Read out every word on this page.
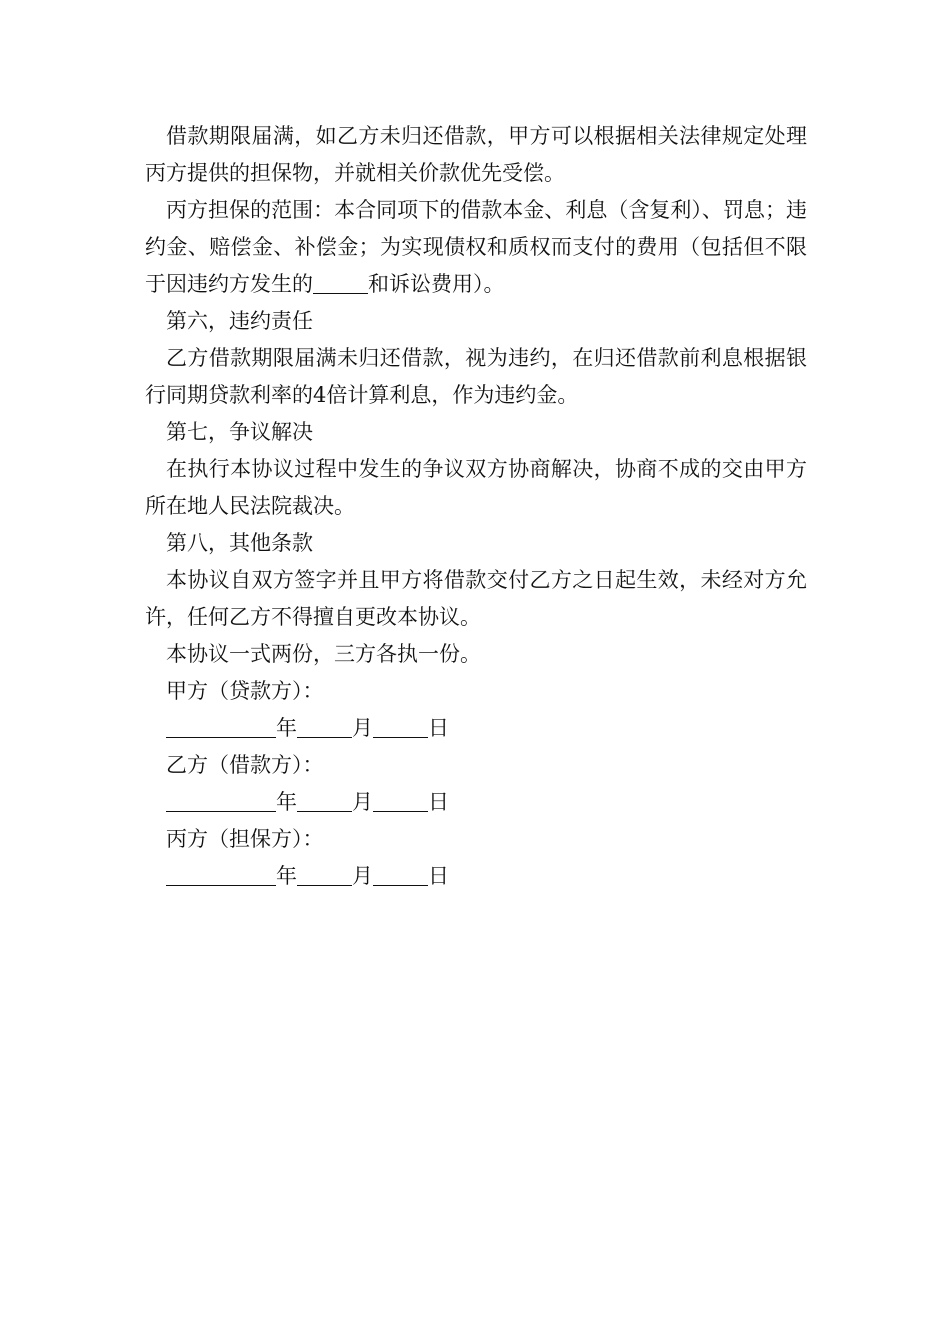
借款期限届满，如乙方未归还借款，甲方可以根据相关法律规定处理丙方提供的担保物，并就相关价款优先受偿。

丙方担保的范围：本合同项下的借款本金、利息（含复利）、罚息；违约金、赔偿金、补偿金；为实现债权和质权而支付的费用（包括但不限于因违约方发生的	和诉讼费用）。

第六，违约责任

乙方借款期限届满未归还借款，视为违约，在归还借款前利息根据银行同期贷款利率的4倍计算利息，作为违约金。

第七，争议解决

在执行本协议过程中发生的争议双方协商解决，协商不成的交由甲方所在地人民法院裁决。

第八，其他条款

本协议自双方签字并且甲方将借款交付乙方之日起生效，未经对方允许，任何乙方不得擅自更改本协议。

本协议一式两份，三方各执一份。

甲方（贷款方）：

年	月	日

乙方（借款方）：

年	月	日

丙方（担保方）：

年	月	日
